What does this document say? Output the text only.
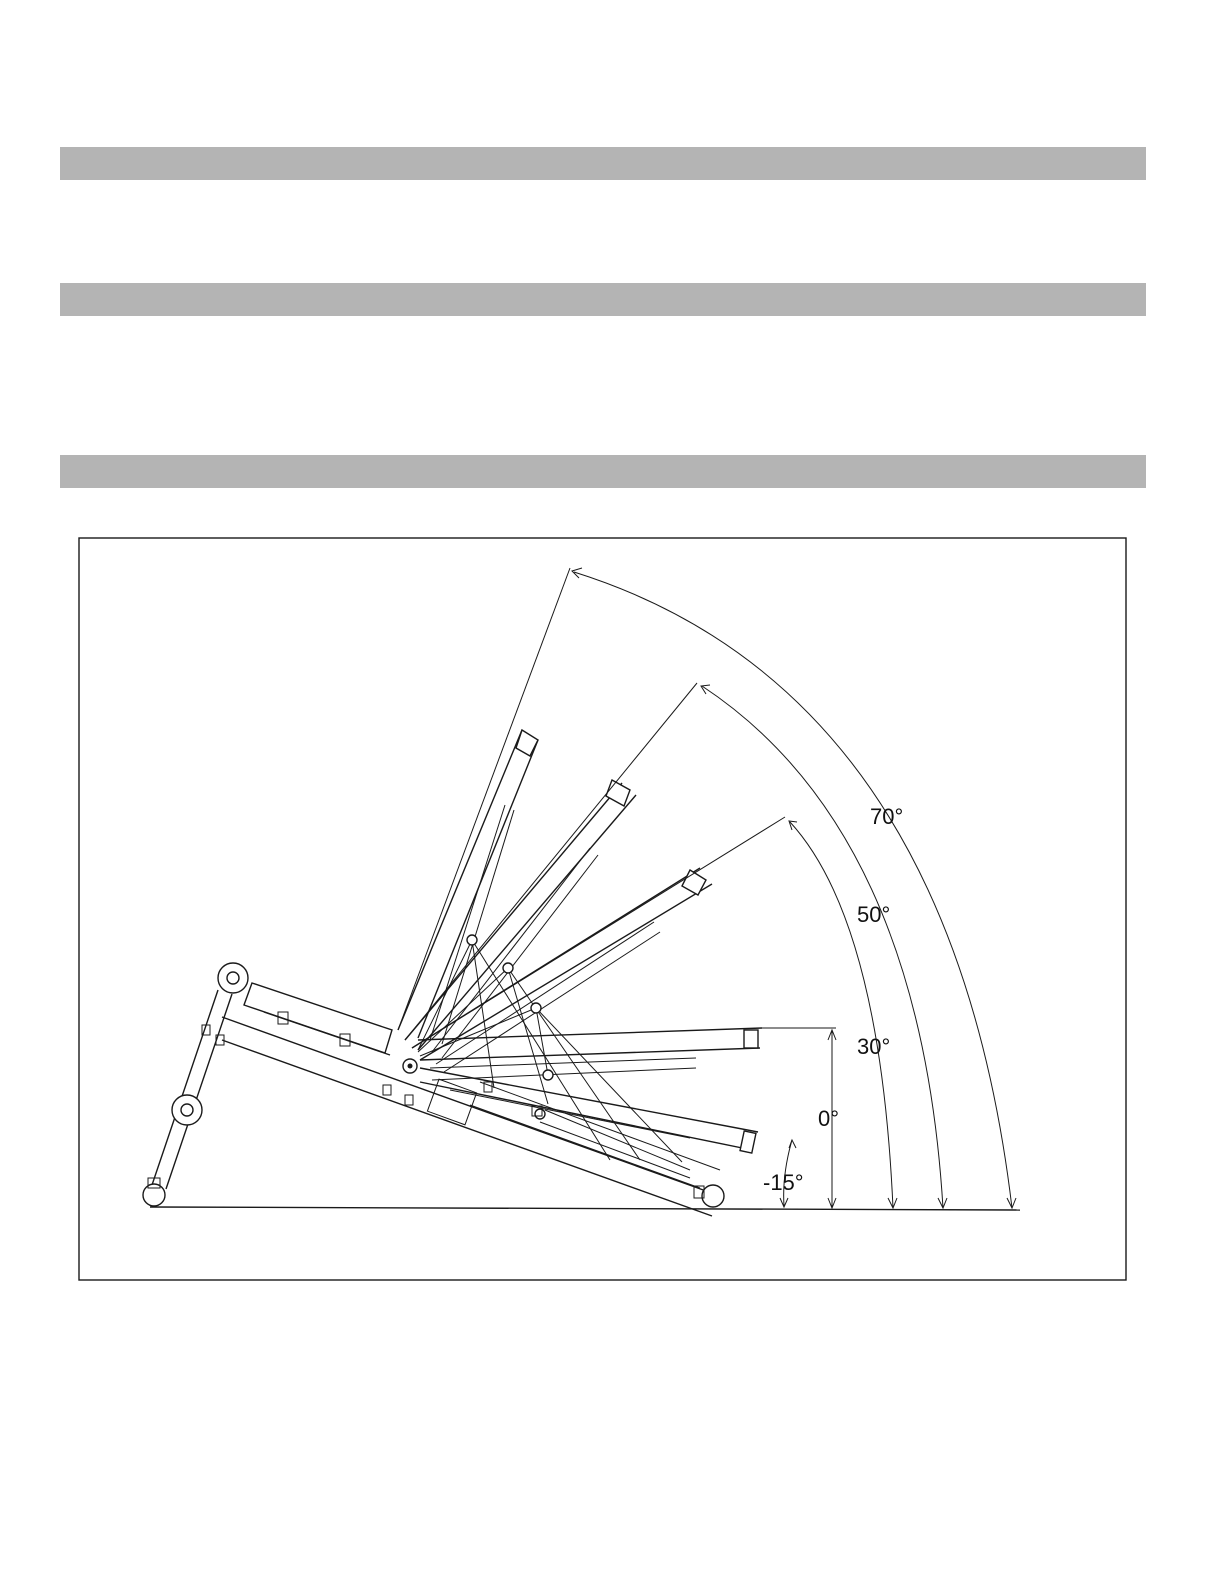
70°
50°
30°
0°
-15°
